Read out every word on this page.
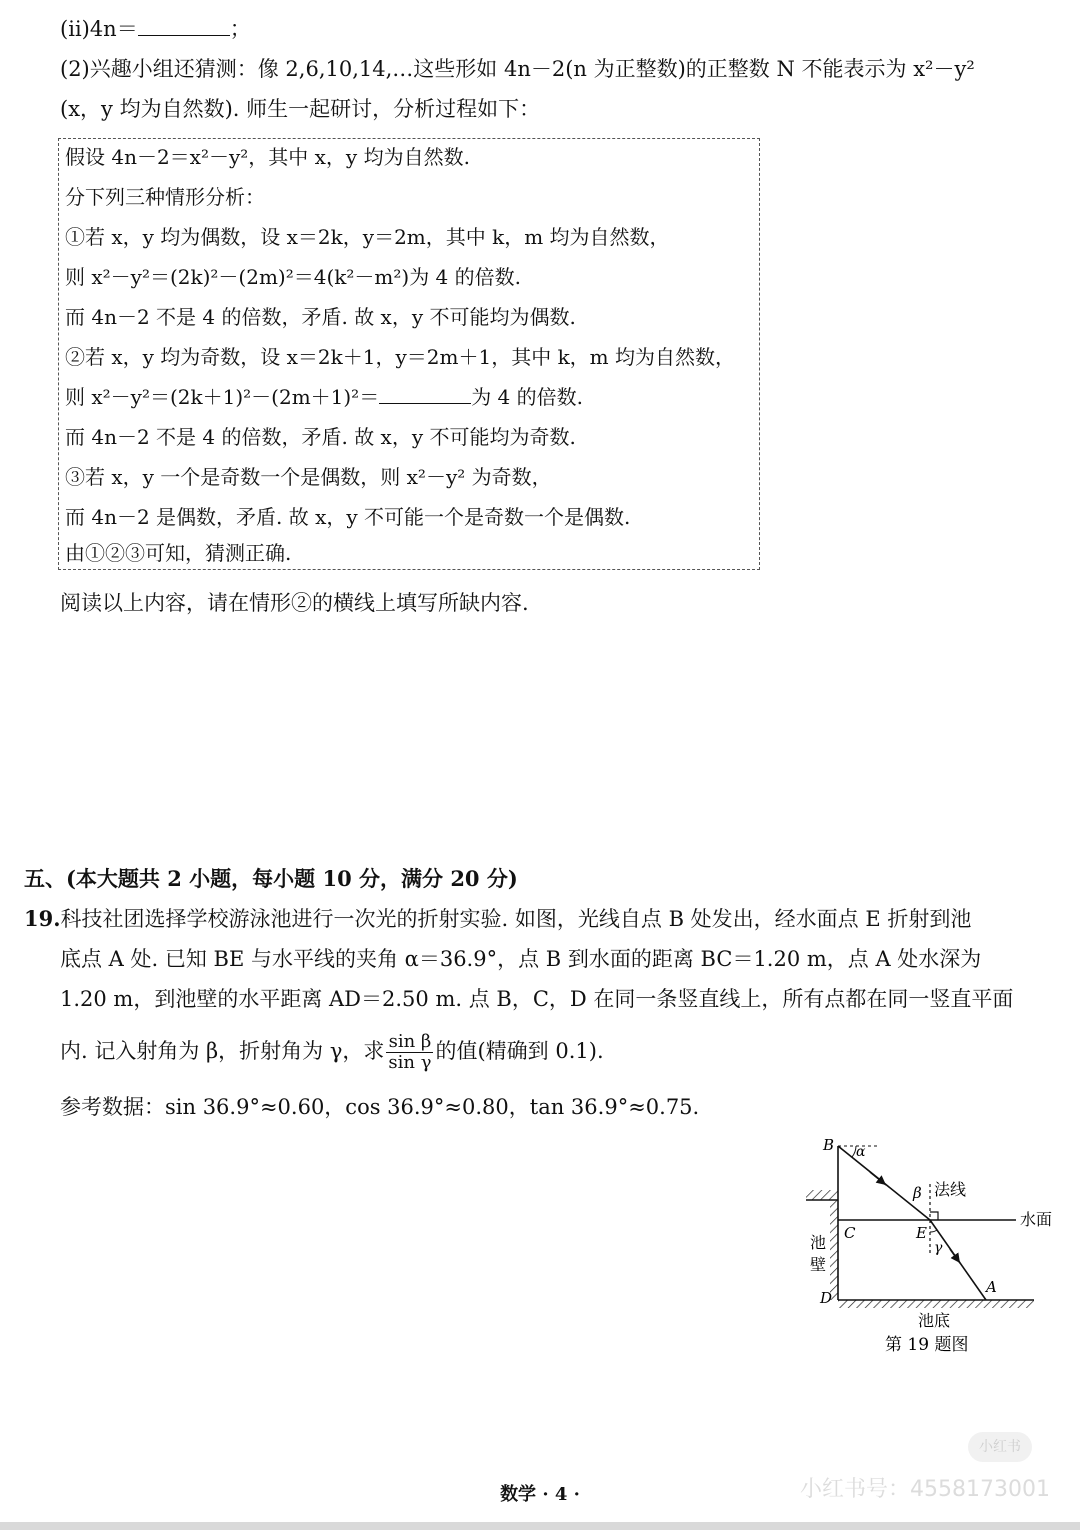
(ⅱ)4n＝	；
(2)兴趣小组还猜测：像 2,6,10,14,…这些形如 4n－2(n 为正整数)的正整数 N 不能表示为 x²－y²
(x，y 均为自然数). 师生一起研讨，分析过程如下：
假设 4n－2＝x²－y²，其中 x，y 均为自然数.
分下列三种情形分析：
①若 x，y 均为偶数，设 x＝2k，y＝2m，其中 k，m 均为自然数，
则 x²－y²＝(2k)²－(2m)²＝4(k²－m²)为 4 的倍数.
而 4n－2 不是 4 的倍数，矛盾. 故 x，y 不可能均为偶数.
②若 x，y 均为奇数，设 x＝2k＋1，y＝2m＋1，其中 k，m 均为自然数，
则 x²－y²＝(2k＋1)²－(2m＋1)²＝	为 4 的倍数.
而 4n－2 不是 4 的倍数，矛盾. 故 x，y 不可能均为奇数.
③若 x，y 一个是奇数一个是偶数，则 x²－y² 为奇数，
而 4n－2 是偶数，矛盾. 故 x，y 不可能一个是奇数一个是偶数.
由①②③可知，猜测正确.
阅读以上内容，请在情形②的横线上填写所缺内容.
五、(本大题共 2 小题，每小题 10 分，满分 20 分)
19.科技社团选择学校游泳池进行一次光的折射实验. 如图，光线自点 B 处发出，经水面点 E 折射到池
底点 A 处. 已知 BE 与水平线的夹角 α＝36.9°，点 B 到水面的距离 BC＝1.20 m，点 A 处水深为
1.20 m，到池壁的水平距离 AD＝2.50 m. 点 B，C，D 在同一条竖直线上，所有点都在同一竖直平面
内. 记入射角为 β，折射角为 γ，求 $\frac{\text{sin β}}{\text{sin γ}}$ 的值(精确到 0.1).
参考数据：sin 36.9°≈0.60，cos 36.9°≈0.80，tan 36.9°≈0.75.
B α
β 法线
C	E
γ
水面
池
壁
D
A
池底
第 19 题图
小红书
小红书号：4558173001
数学 · 4 ·
